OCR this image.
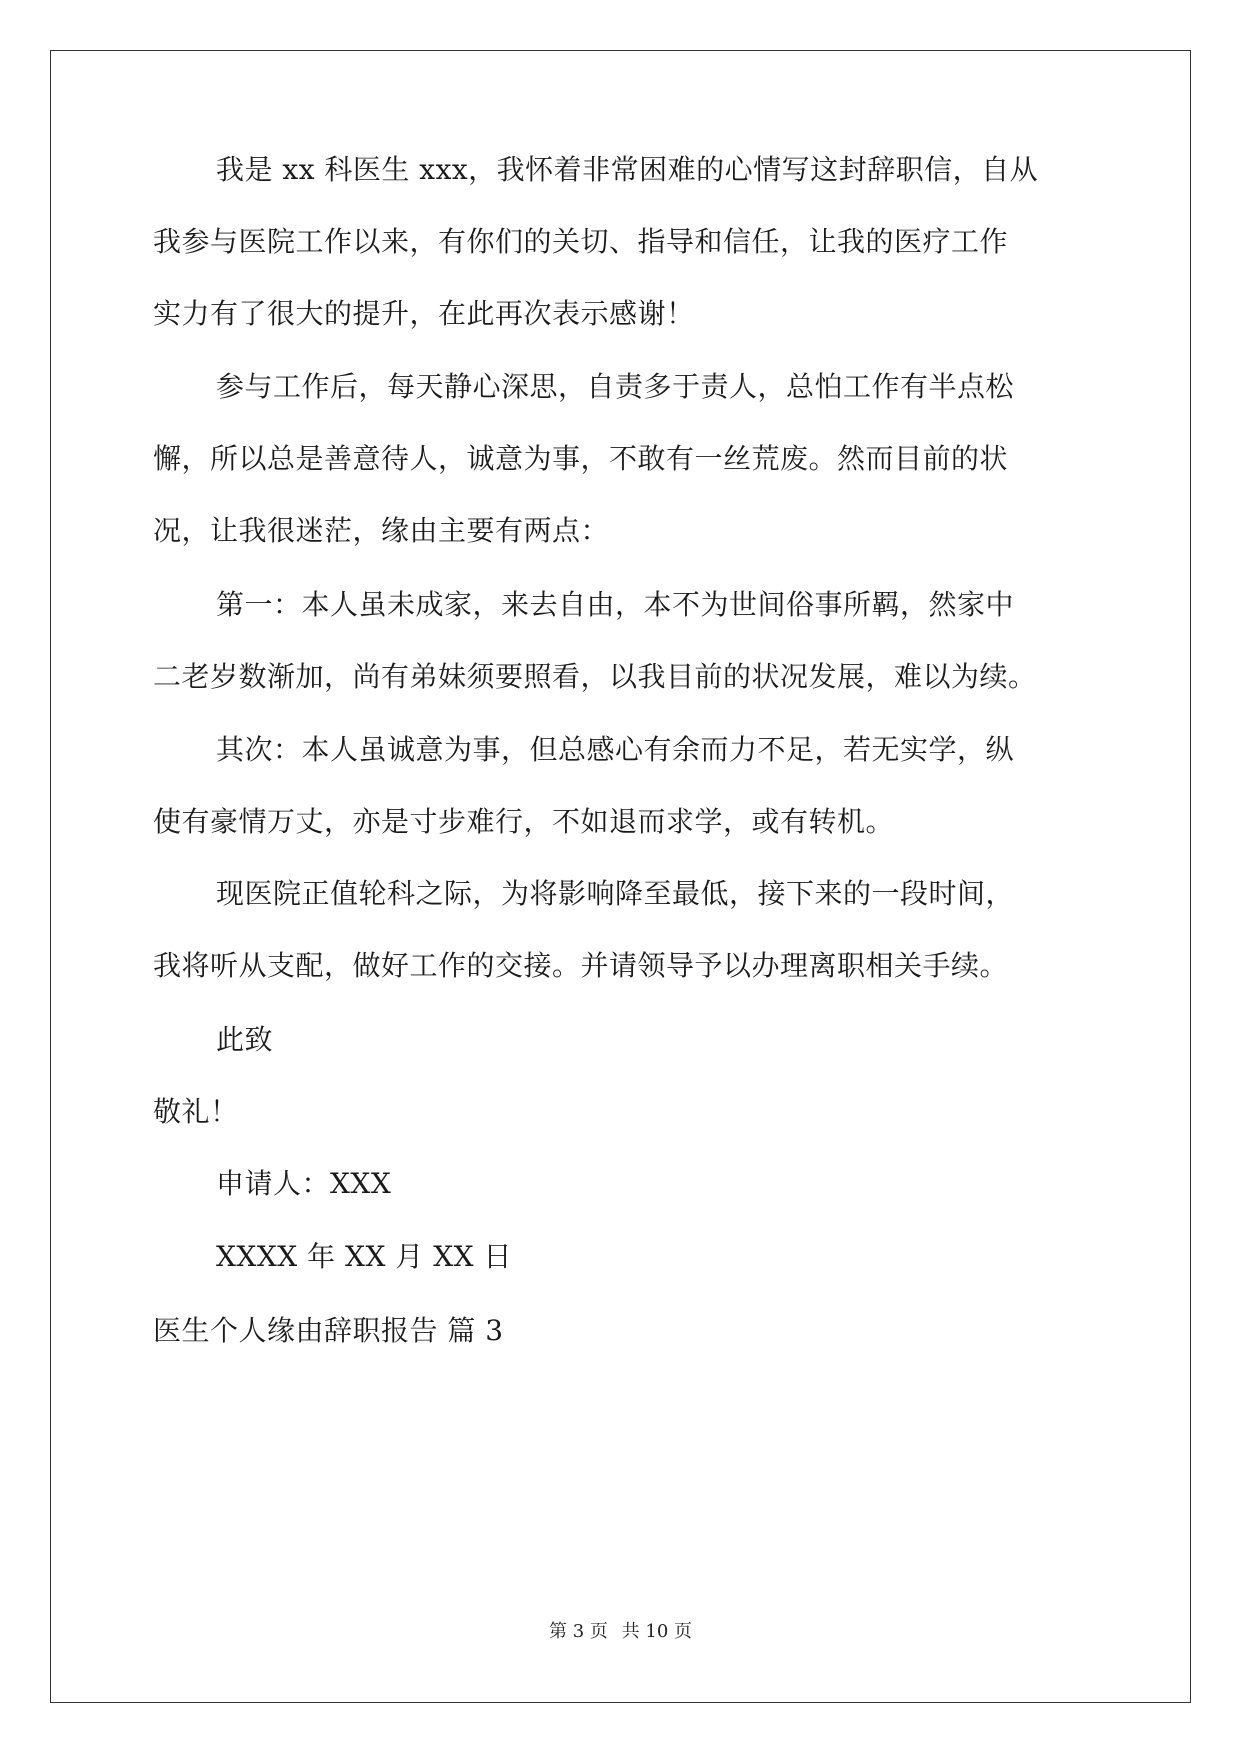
我是 xx 科医生 xxx，我怀着非常困难的心情写这封辞职信，自从
我参与医院工作以来，有你们的关切、指导和信任，让我的医疗工作
实力有了很大的提升，在此再次表示感谢！
参与工作后，每天静心深思，自责多于责人，总怕工作有半点松
懈，所以总是善意待人，诚意为事，不敢有一丝荒废。然而目前的状
况，让我很迷茫，缘由主要有两点：
第一：本人虽未成家，来去自由，本不为世间俗事所羁，然家中
二老岁数渐加，尚有弟妹须要照看，以我目前的状况发展，难以为续。
其次：本人虽诚意为事，但总感心有余而力不足，若无实学，纵
使有豪情万丈，亦是寸步难行，不如退而求学，或有转机。
现医院正值轮科之际，为将影响降至最低，接下来的一段时间，
我将听从支配，做好工作的交接。并请领导予以办理离职相关手续。
此致
敬礼！
申请人：XXX
XXXX 年 XX 月 XX 日
医生个人缘由辞职报告 篇 3
第 3 页 共 10 页
